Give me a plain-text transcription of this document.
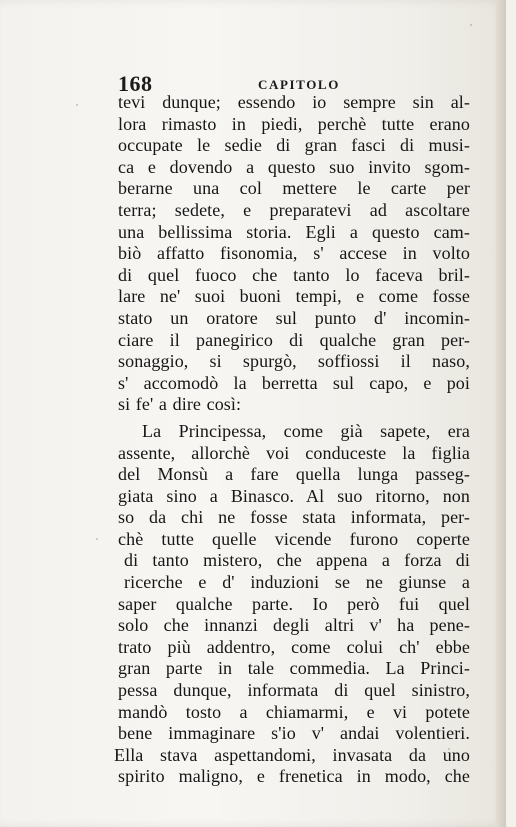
168	CAPITOLO
tevi dunque; essendo io sempre sin al-
lora rimasto in piedi, perchè tutte erano
occupate le sedie di gran fasci di musi-
ca e dovendo a questo suo invito sgom-
berarne una col mettere le carte per
terra; sedete, e preparatevi ad ascoltare
una bellissima storia. Egli a questo cam-
biò affatto fisonomia, s' accese in volto
di quel fuoco che tanto lo faceva bril-
lare ne' suoi buoni tempi, e come fosse
stato un oratore sul punto d' incomin-
ciare il panegirico di qualche gran per-
sonaggio, si spurgò, soffiossi il naso,
s' accomodò la berretta sul capo, e poi
si fe' a dire così:
La Principessa, come già sapete, era
assente, allorchè voi conduceste la figlia
del Monsù a fare quella lunga passeg-
giata sino a Binasco. Al suo ritorno, non
so da chi ne fosse stata informata, per-
chè tutte quelle vicende furono coperte
di tanto mistero, che appena a forza di
ricerche e d' induzioni se ne giunse a
saper qualche parte. Io però fui quel
solo che innanzi degli altri v' ha pene-
trato più addentro, come colui ch' ebbe
gran parte in tale commedia. La Princi-
pessa dunque, informata di quel sinistro,
mandò tosto a chiamarmi, e vi potete
bene immaginare s'io v' andai volentieri.
Ella stava aspettandomi, invasata da uno
spirito maligno, e frenetica in modo, che
